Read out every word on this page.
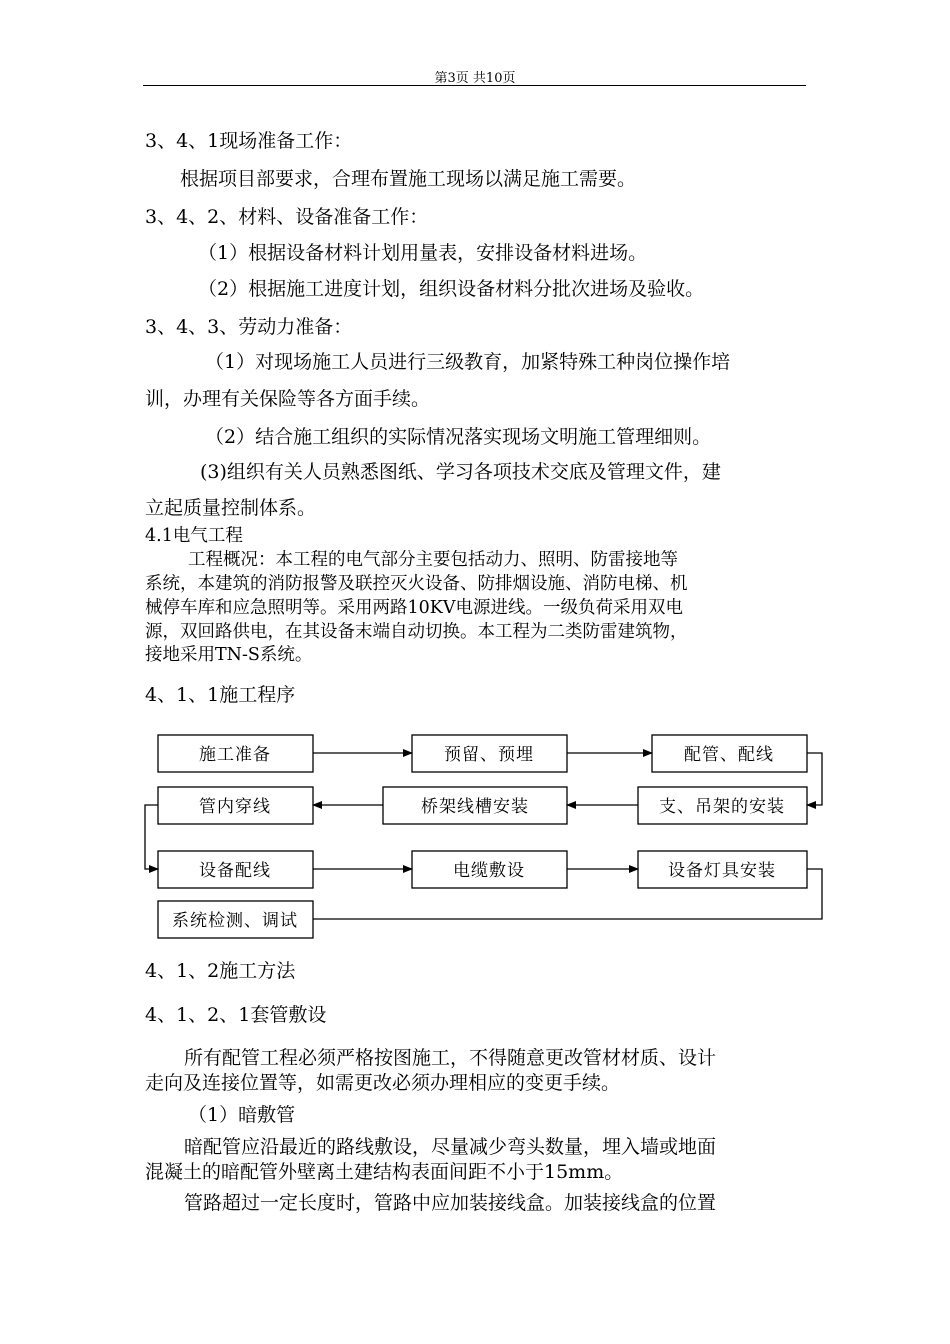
第3页 共10页
3、4、1现场准备工作：
根据项目部要求，合理布置施工现场以满足施工需要。
3、4、2、材料、设备准备工作：
（1）根据设备材料计划用量表，安排设备材料进场。
（2）根据施工进度计划，组织设备材料分批次进场及验收。
3、4、3、劳动力准备：
（1）对现场施工人员进行三级教育，加紧特殊工种岗位操作培
训，办理有关保险等各方面手续。
（2）结合施工组织的实际情况落实现场文明施工管理细则。
(3)组织有关人员熟悉图纸、学习各项技术交底及管理文件，建
立起质量控制体系。
4.1电气工程
工程概况：本工程的电气部分主要包括动力、照明、防雷接地等
系统，本建筑的消防报警及联控灭火设备、防排烟设施、消防电梯、机
械停车库和应急照明等。采用两路10KV电源进线。一级负荷采用双电
源，双回路供电，在其设备末端自动切换。本工程为二类防雷建筑物，
接地采用TN-S系统。
4、1、1施工程序
施工准备	预留、预埋	配管、配线
支、吊架的安装
桥架线槽安装
管内穿线
设备配线	电缆敷设	设备灯具安装
系统检测、调试
4、1、2施工方法
4、1、2、1套管敷设
所有配管工程必须严格按图施工，不得随意更改管材材质、设计
走向及连接位置等，如需更改必须办理相应的变更手续。
（1）暗敷管
暗配管应沿最近的路线敷设，尽量减少弯头数量，埋入墙或地面
混凝土的暗配管外壁离土建结构表面间距不小于15mm。
管路超过一定长度时，管路中应加装接线盒。加装接线盒的位置
